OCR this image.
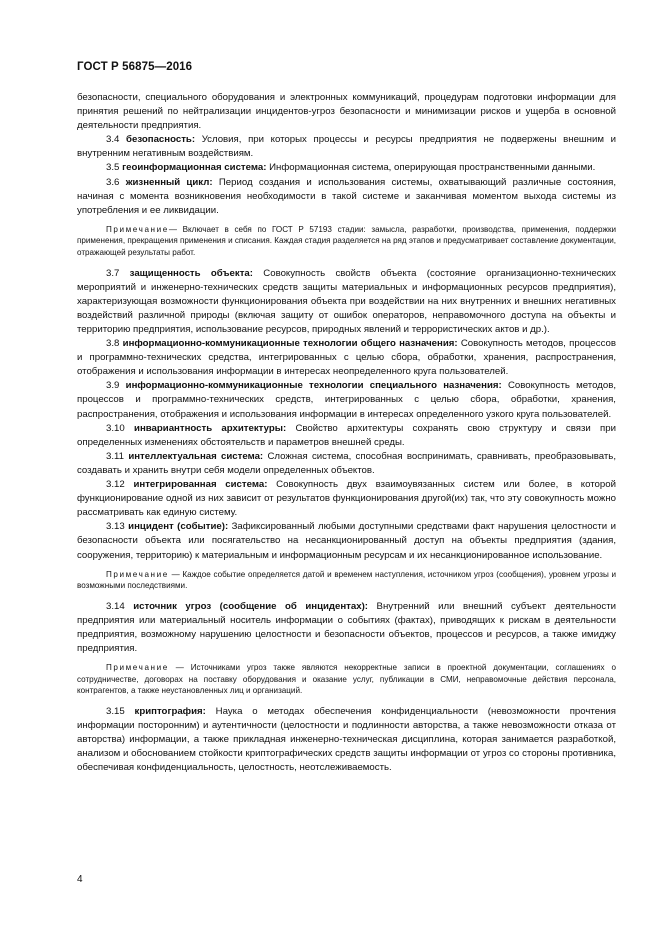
ГОСТ Р 56875—2016

безопасности, специального оборудования и электронных коммуникаций, процедурам подготовки информации для принятия решений по нейтрализации инцидентов-угроз безопасности и минимизации рисков и ущерба в основной деятельности предприятия.

3.4 безопасность: Условия, при которых процессы и ресурсы предприятия не подвержены внешним и внутренним негативным воздействиям.

3.5 геоинформационная система: Информационная система, оперирующая пространственными данными.

3.6 жизненный цикл: Период создания и использования системы, охватывающий различные состояния, начиная с момента возникновения необходимости в такой системе и заканчивая моментом выхода системы из употребления и ее ликвидации.

Примечание— Включает в себя по ГОСТ Р 57193 стадии: замысла, разработки, производства, применения, поддержки применения, прекращения применения и списания. Каждая стадия разделяется на ряд этапов и предусматривает составление документации, отражающей результаты работ.

3.7 защищенность объекта: Совокупность свойств объекта (состояние организационно-технических мероприятий и инженерно-технических средств защиты материальных и информационных ресурсов предприятия), характеризующая возможности функционирования объекта при воздействии на них внутренних и внешних негативных воздействий различной природы (включая защиту от ошибок операторов, неправомочного доступа на объекты и территорию предприятия, использование ресурсов, природных явлений и террористических актов и др.).

3.8 информационно-коммуникационные технологии общего назначения: Совокупность методов, процессов и программно-технических средства, интегрированных с целью сбора, обработки, хранения, распространения, отображения и использования информации в интересах неопределенного круга пользователей.

3.9 информационно-коммуникационные технологии специального назначения: Совокупность методов, процессов и программно-технических средств, интегрированных с целью сбора, обработки, хранения, распространения, отображения и использования информации в интересах определенного узкого круга пользователей.

3.10 инвариантность архитектуры: Свойство архитектуры сохранять свою структуру и связи при определенных изменениях обстоятельств и параметров внешней среды.

3.11 интеллектуальная система: Сложная система, способная воспринимать, сравнивать, преобразовывать, создавать и хранить внутри себя модели определенных объектов.

3.12 интегрированная система: Совокупность двух взаимоувязанных систем или более, в которой функционирование одной из них зависит от результатов функционирования другой(их) так, что эту совокупность можно рассматривать как единую систему.

3.13 инцидент (событие): Зафиксированный любыми доступными средствами факт нарушения целостности и безопасности объекта или посягательство на несанкционированный доступ на объекты предприятия (здания, сооружения, территорию) к материальным и информационным ресурсам и их несанкционированное использование.

Примечание — Каждое событие определяется датой и временем наступления, источником угроз (сообщения), уровнем угрозы и возможными последствиями.

3.14 источник угроз (сообщение об инцидентах): Внутренний или внешний субъект деятельности предприятия или материальный носитель информации о событиях (фактах), приводящих к рискам в деятельности предприятия, возможному нарушению целостности и безопасности объектов, процессов и ресурсов, а также имиджу предприятия.

Примечание — Источниками угроз также являются некорректные записи в проектной документации, соглашениях о сотрудничестве, договорах на поставку оборудования и оказание услуг, публикации в СМИ, неправомочные действия персонала, контрагентов, а также неустановленных лиц и организаций.

3.15 криптография: Наука о методах обеспечения конфиденциальности (невозможности прочтения информации посторонним) и аутентичности (целостности и подлинности авторства, а также невозможности отказа от авторства) информации, а также прикладная инженерно-техническая дисциплина, которая занимается разработкой, анализом и обоснованием стойкости криптографических средств защиты информации от угроз со стороны противника, обеспечивая конфиденциальность, целостность, неотслеживаемость.

4
